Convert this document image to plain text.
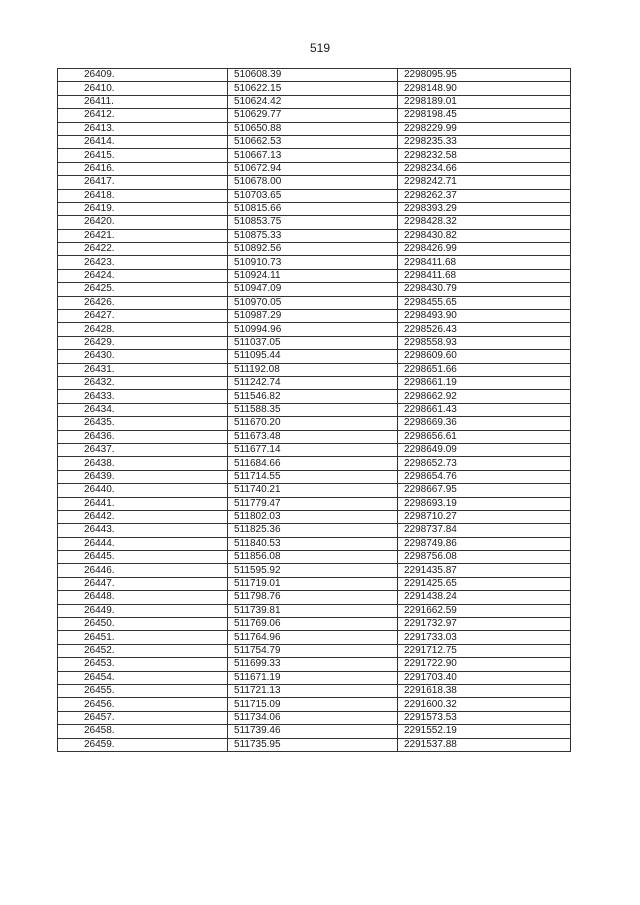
519
26409.	510608.39	2298095.95
26410.	510622.15	2298148.90
26411.	510624.42	2298189.01
26412.	510629.77	2298198.45
26413.	510650.88	2298229.99
26414.	510662.53	2298235.33
26415.	510667.13	2298232.58
26416.	510672.94	2298234.66
26417.	510678.00	2298242.71
26418.	510703.65	2298262.37
26419.	510815.66	2298393.29
26420.	510853.75	2298428.32
26421.	510875.33	2298430.82
26422.	510892.56	2298426.99
26423.	510910.73	2298411.68
26424.	510924.11	2298411.68
26425.	510947.09	2298430.79
26426.	510970.05	2298455.65
26427.	510987.29	2298493.90
26428.	510994.96	2298526.43
26429.	511037.05	2298558.93
26430.	511095.44	2298609.60
26431.	511192.08	2298651.66
26432.	511242.74	2298661.19
26433.	511546.82	2298662.92
26434.	511588.35	2298661.43
26435.	511670.20	2298669.36
26436.	511673.48	2298656.61
26437.	511677.14	2298649.09
26438.	511684.66	2298652.73
26439.	511714.55	2298654.76
26440.	511740.21	2298667.95
26441.	511779.47	2298693.19
26442.	511802.03	2298710.27
26443.	511825.36	2298737.84
26444.	511840.53	2298749.86
26445.	511856.08	2298756.08
26446.	511595.92	2291435.87
26447.	511719.01	2291425.65
26448.	511798.76	2291438.24
26449.	511739.81	2291662.59
26450.	511769.06	2291732.97
26451.	511764.96	2291733.03
26452.	511754.79	2291712.75
26453.	511699.33	2291722.90
26454.	511671.19	2291703.40
26455.	511721.13	2291618.38
26456.	511715.09	2291600.32
26457.	511734.06	2291573.53
26458.	511739.46	2291552.19
26459.	511735.95	2291537.88
